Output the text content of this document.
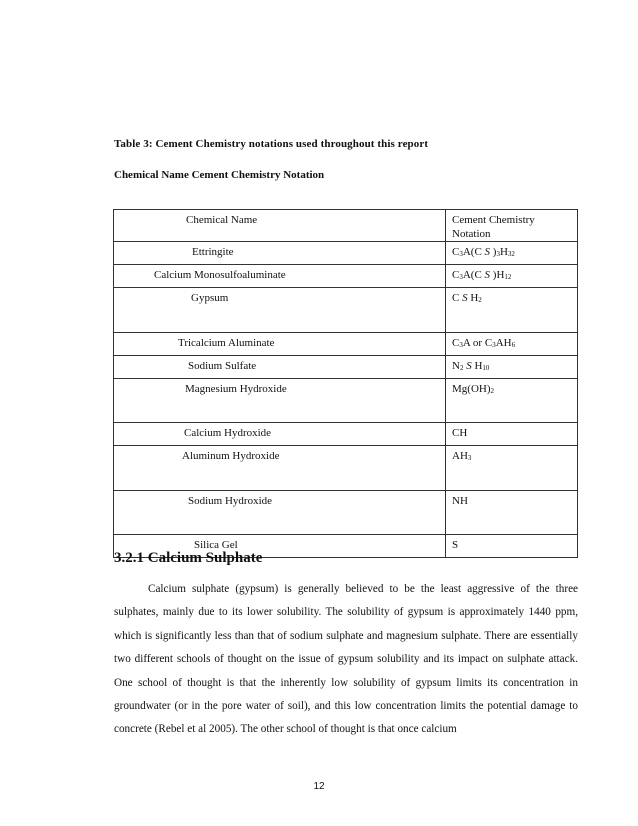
Table 3: Cement Chemistry notations used throughout this report
Chemical Name Cement Chemistry Notation
Chemical Name	Cement Chemistry Notation
Ettringite	$C_3A(C$ S )$_3H_{32}$
Calcium Monosulfoaluminate	$C_3A(C$ S )$H_{12}$
Gypsum	C S $H_2$
Tricalcium Aluminate	$C_3A$ or $C_3AH_6$
Sodium Sulfate	$N_2$ S $H_{10}$
Magnesium Hydroxide	$Mg(OH)_2$
Calcium Hydroxide	CH
Aluminum Hydroxide	$AH_3$
Sodium Hydroxide	NH
Silica Gel	S
3.2.1 Calcium Sulphate

Calcium sulphate (gypsum) is generally believed to be the least aggressive of the three sulphates, mainly due to its lower solubility. The solubility of gypsum is approximately 1440 ppm, which is significantly less than that of sodium sulphate and magnesium sulphate. There are essentially two different schools of thought on the issue of gypsum solubility and its impact on sulphate attack. One school of thought is that the inherently low solubility of gypsum limits its concentration in groundwater (or in the pore water of soil), and this low concentration limits the potential damage to concrete (Rebel et al 2005). The other school of thought is that once calcium

12
